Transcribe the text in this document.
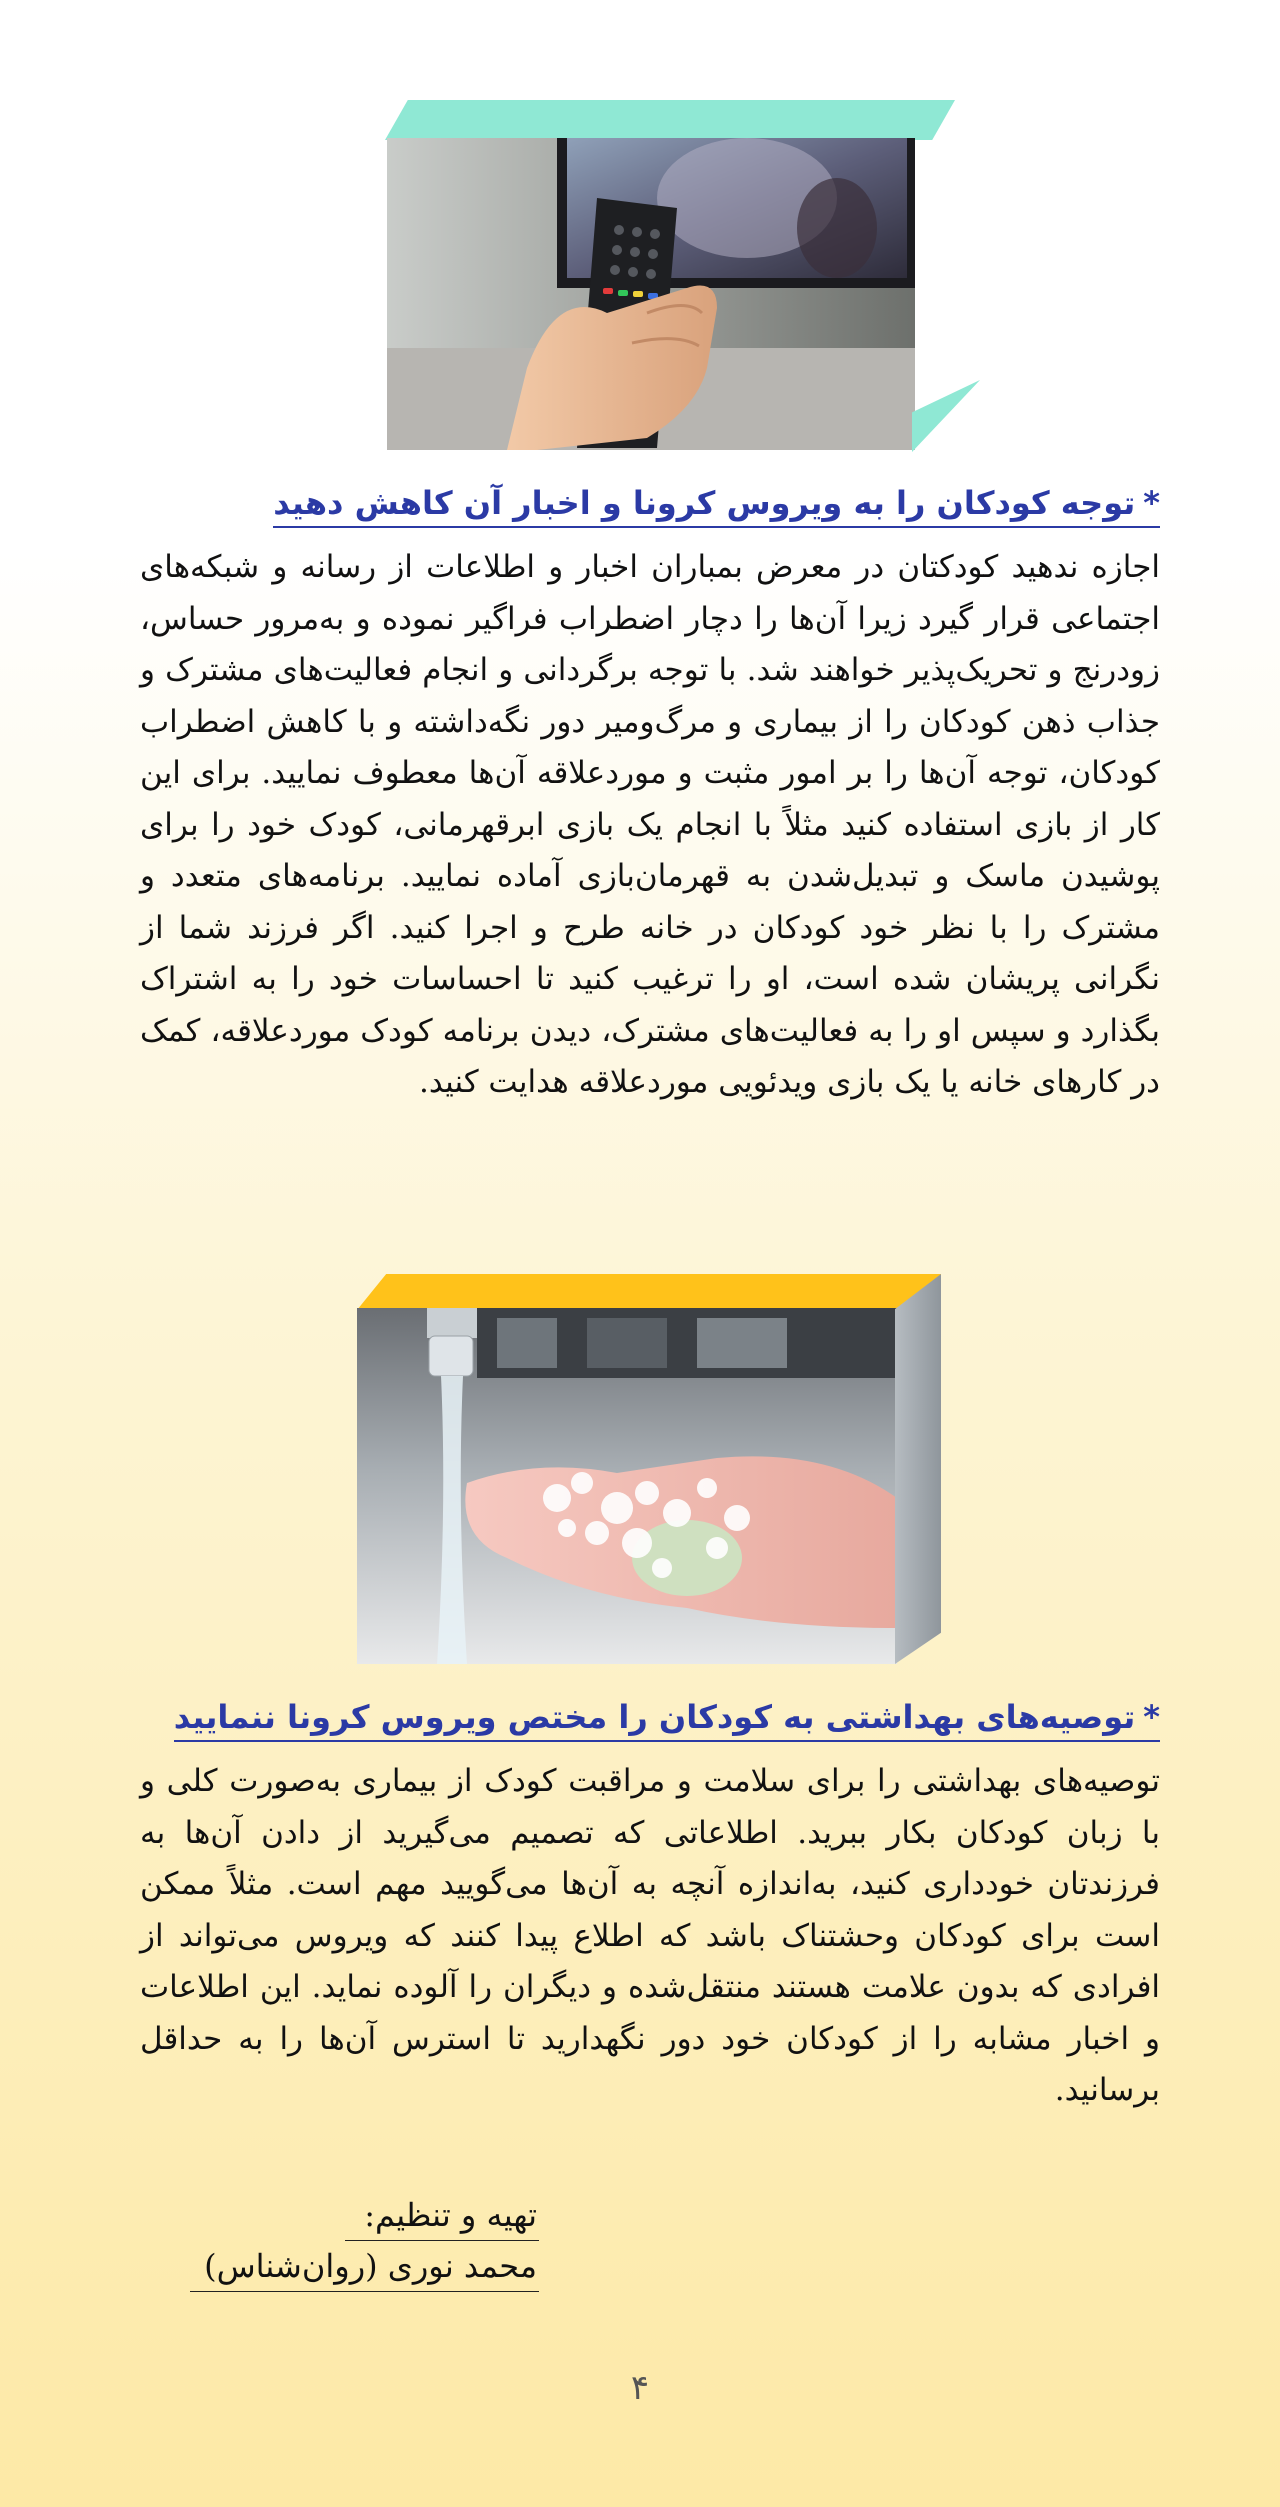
*توجه کودکان را به ویروس کرونا و اخبار آن کاهش دهید

اجازه ندهید کودکتان در معرض بمباران اخبار و اطلاعات از رسانه و شبکه‌های اجتماعی قرار گیرد زیرا آن‌ها را دچار اضطراب فراگیر نموده و به‌مرور حساس، زودرنج و تحریک‌پذیر خواهند شد. با توجه برگردانی و انجام فعالیت‌های مشترک و جذاب ذهن کودکان را از بیماری و مرگ‌ومیر دور نگه‌داشته و با کاهش اضطراب کودکان، توجه آن‌ها را بر امور مثبت و موردعلاقه آن‌ها معطوف نمایید. برای این کار از بازی استفاده کنید مثلاً با انجام یک بازی ابرقهرمانی، کودک خود را برای پوشیدن ماسک و تبدیل‌شدن به قهرمان‌بازی آماده نمایید. برنامه‌های متعدد و مشترک را با نظر خود کودکان در خانه طرح و اجرا کنید. اگر فرزند شما از نگرانی پریشان شده است، او را ترغیب کنید تا احساسات خود را به اشتراک بگذارد و سپس او را به فعالیت‌های مشترک، دیدن برنامه کودک موردعلاقه، کمک در کارهای خانه یا یک بازی ویدئویی موردعلاقه هدایت کنید.

*توصیه‌های بهداشتی به کودکان را مختص ویروس کرونا ننمایید

توصیه‌های بهداشتی را برای سلامت و مراقبت کودک از بیماری به‌صورت کلی و با زبان کودکان بکار ببرید. اطلاعاتی که تصمیم می‌گیرید از دادن آن‌ها به فرزندتان خودداری کنید، به‌اندازه آنچه به آن‌ها می‌گویید مهم است. مثلاً ممکن است برای کودکان وحشتناک باشد که اطلاع پیدا کنند که ویروس می‌تواند از افرادی که بدون علامت هستند منتقل‌شده و دیگران را آلوده نماید. این اطلاعات و اخبار مشابه را از کودکان خود دور نگهدارید تا استرس آن‌ها را به حداقل برسانید.

تهیه و تنظیم:
محمد نوری (روان‌شناس)
۴
